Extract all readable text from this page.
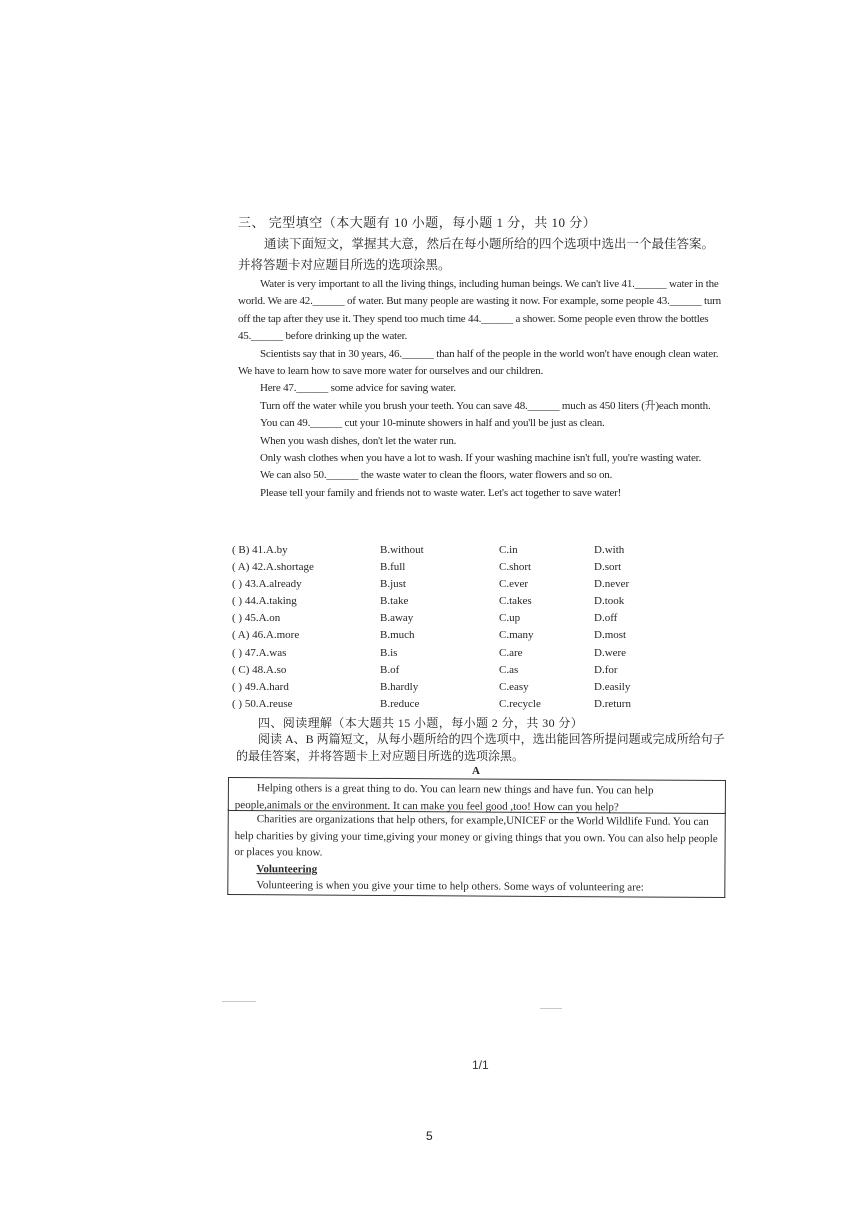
三、 完型填空（本大题有 10 小题，每小题 1 分，共 10 分）
通读下面短文，掌握其大意，然后在每小题所给的四个选项中选出一个最佳答案。并将答题卡对应题目所选的选项涂黑。

Water is very important to all the living things, including human beings. We can't live 41.______ water in the world. We are 42.______ of water. But many people are wasting it now. For example, some people 43.______ turn off the tap after they use it. They spend too much time 44.______ a shower. Some people even throw the bottles 45.______ before drinking up the water.

Scientists say that in 30 years, 46.______ than half of the people in the world won't have enough clean water. We have to learn how to save more water for ourselves and our children.

Here 47.______ some advice for saving water.

Turn off the water while you brush your teeth. You can save 48.______ much as 450 liters (升)each month.

You can 49.______ cut your 10-minute showers in half and you'll be just as clean.

When you wash dishes, don't let the water run.

Only wash clothes when you have a lot to wash. If your washing machine isn't full, you're wasting water.

We can also 50.______ the waste water to clean the floors, water flowers and so on.

Please tell your family and friends not to waste water. Let's act together to save water!

( B) 41.A.by	B.without	C.in	D.with
( A) 42.A.shortage	B.full	C.short	D.sort
( ) 43.A.already	B.just	C.ever	D.never
( ) 44.A.taking	B.take	C.takes	D.took
( ) 45.A.on	B.away	C.up	D.off
( A) 46.A.more	B.much	C.many	D.most
( ) 47.A.was	B.is	C.are	D.were
( C) 48.A.so	B.of	C.as	D.for
( ) 49.A.hard	B.hardly	C.easy	D.easily
( ) 50.A.reuse	B.reduce	C.recycle	D.return
四、阅读理解（本大题共 15 小题，每小题 2 分，共 30 分）
阅读 A、B 两篇短文，从每小题所给的四个选项中，选出能回答所提问题或完成所给句子的最佳答案，并将答题卡上对应题目所选的选项涂黑。
A

Helping others is a great thing to do. You can learn new things and have fun. You can help people,animals or the environment. It can make you feel good ,too! How can you help?

Charities are organizations that help others, for example,UNICEF or the World Wildlife Fund. You can help charities by giving your time,giving your money or giving things that you own. You can also help people or places you know.

Volunteering

Volunteering is when you give your time to help others. Some ways of volunteering are:

1/1
5
